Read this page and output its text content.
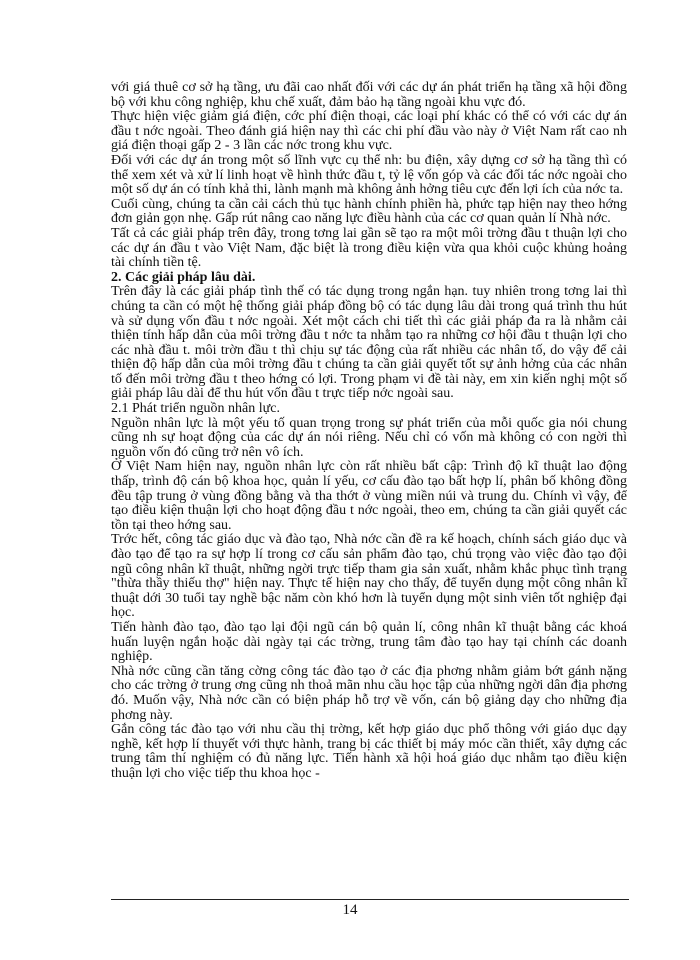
với giá thuê cơ sở hạ tầng, ưu đãi cao nhất đối với các dự án phát triển hạ tầng xã hội đồng bộ với khu công nghiệp, khu chế xuất, đảm bảo hạ tầng ngoài khu vực đó.

Thực hiện việc giảm giá điện, cớc phí điện thoại, các loại phí khác có thể có với các dự án đầu t nớc ngoài. Theo đánh giá hiện nay thì các chi phí đầu vào này ở Việt Nam rất cao nh giá điện thoại gấp 2 - 3 lần các nớc trong khu vực.

Đối với các dự án trong một số lĩnh vực cụ thể nh: bu điện, xây dựng cơ sở hạ tầng thì có thể xem xét và xử lí linh hoạt về hình thức đầu t, tỷ lệ vốn góp và các đối tác nớc ngoài cho một số dự án có tính khả thi, lành mạnh mà không ảnh hởng tiêu cực đến lợi ích của nớc ta.

Cuối cùng, chúng ta cần cải cách thủ tục hành chính phiền hà, phức tạp hiện nay theo hớng đơn giản gọn nhẹ. Gấp rút nâng cao năng lực điều hành của các cơ quan quản lí Nhà nớc.

Tất cả các giải pháp trên đây, trong tơng lai gần sẽ tạo ra một môi trờng đầu t thuận lợi cho các dự án đầu t vào Việt Nam, đặc biệt là trong điều kiện vừa qua khỏi cuộc khủng hoảng tài chính tiền tệ.

2. Các giải pháp lâu dài.

Trên đây là các giải pháp tình thế có tác dụng trong ngắn hạn. tuy nhiên trong tơng lai thì chúng ta cần có một hệ thống giải pháp đồng bộ có tác dụng lâu dài trong quá trình thu hút và sử dụng vốn đầu t nớc ngoài. Xét một cách chi tiết thì các giải pháp đa ra là nhằm cải thiện tính hấp dẫn của môi trờng đầu t nớc ta nhằm tạo ra những cơ hội đầu t thuận lợi cho các nhà đầu t. môi trờn đầu t thì chịu sự tác động của rất nhiều các nhân tố, do vậy để cải thiện độ hấp dẫn của môi trờng đầu t chúng ta cần giải quyết tốt sự ảnh hởng của các nhân tố đến môi trờng đầu t theo hớng có lợi. Trong phạm vi đề tài này, em xin kiến nghị một số giải pháp lâu dài để thu hút vốn đầu t trực tiếp nớc ngoài sau.

2.1 Phát triển nguồn nhân lực.

Nguồn nhân lực là một yếu tố quan trọng trong sự phát triển của mỗi quốc gia nói chung cũng nh sự hoạt động của các dự án nói riêng. Nếu chỉ có vốn mà không có con ngời thì nguồn vốn đó cũng trở nên vô ích.

Ở Việt Nam hiện nay, nguồn nhân lực còn rất nhiều bất cập: Trình độ kĩ thuật lao động thấp, trình độ cán bộ khoa học, quản lí yếu, cơ cấu đào tạo bất hợp lí, phân bố không đồng đều tập trung ở vùng đồng bằng và tha thớt ở vùng miền núi và trung du. Chính vì vậy, để tạo điều kiện thuận lợi cho hoạt động đầu t nớc ngoài, theo em, chúng ta cần giải quyết các tồn tại theo hớng sau.

Trớc hết, công tác giáo dục và đào tạo, Nhà nớc cần đề ra kế hoạch, chính sách giáo dục và đào tạo để tạo ra sự hợp lí trong cơ cấu sản phẩm đào tạo, chú trọng vào việc đào tạo đội ngũ công nhân kĩ thuật, những ngời trực tiếp tham gia sản xuất, nhằm khắc phục tình trạng "thừa thầy thiếu thợ" hiện nay. Thực tế hiện nay cho thấy, để tuyển dụng một công nhân kĩ thuật dới 30 tuổi tay nghề bậc năm còn khó hơn là tuyển dụng một sinh viên tốt nghiệp đại học.

Tiến hành đào tạo, đào tạo lại đội ngũ cán bộ quản lí, công nhân kĩ thuật bằng các khoá huấn luyện ngắn hoặc dài ngày tại các trờng, trung tâm đào tạo hay tại chính các doanh nghiệp.

Nhà nớc cũng cần tăng cờng công tác đào tạo ở các địa phơng nhằm giảm bớt gánh nặng cho các trờng ở trung ơng cũng nh thoả mãn nhu cầu học tập của những ngời dân địa phơng đó. Muốn vậy, Nhà nớc cần có biện pháp hỗ trợ về vốn, cán bộ giảng dạy cho những địa phơng này.

Gắn công tác đào tạo với nhu cầu thị trờng, kết hợp giáo dục phổ thông với giáo dục dạy nghề, kết hợp lí thuyết với thực hành, trang bị các thiết bị máy móc cần thiết, xây dựng các trung tâm thí nghiệm có đủ năng lực. Tiến hành xã hội hoá giáo dục nhằm tạo điều kiện thuận lợi cho việc tiếp thu khoa học -

14
